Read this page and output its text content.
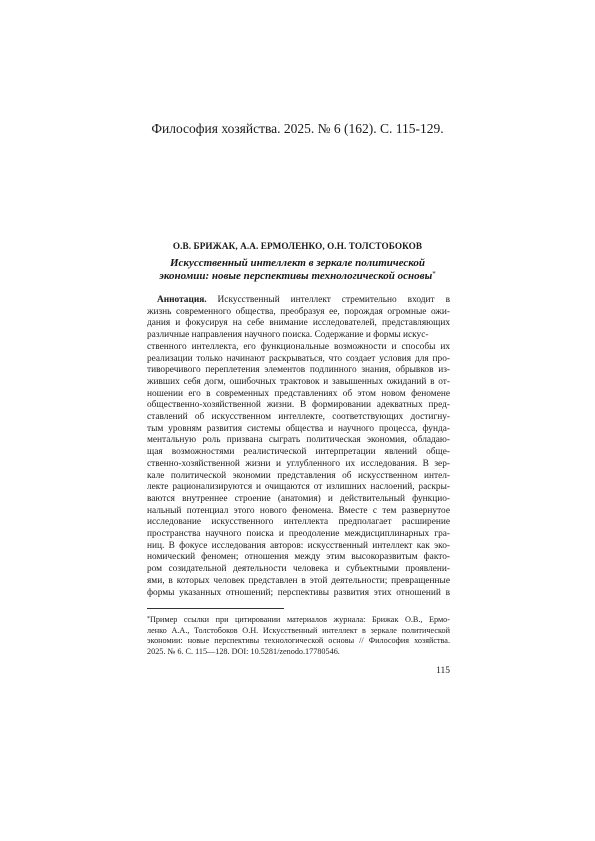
Философия хозяйства. 2025. № 6 (162). С. 115-129.
О.В. БРИЖАК, А.А. ЕРМОЛЕНКО, О.Н. ТОЛСТОБОКОВ
Искусственный интеллект в зеркале политической
экономии: новые перспективы технологической основы*
Аннотация. Искусственный интеллект стремительно входит в
жизнь современного общества, преобразуя ее, порождая огромные ожи-
дания и фокусируя на себе внимание исследователей, представляющих
различные направления научного поиска. Содержание и формы искус-
ственного интеллекта, его функциональные возможности и способы их
реализации только начинают раскрываться, что создает условия для про-
тиворечивого переплетения элементов подлинного знания, обрывков из-
живших себя догм, ошибочных трактовок и завышенных ожиданий в от-
ношении его в современных представлениях об этом новом феномене
общественно-хозяйственной жизни. В формировании адекватных пред-
ставлений об искусственном интеллекте, соответствующих достигну-
тым уровням развития системы общества и научного процесса, фунда-
ментальную роль призвана сыграть политическая экономия, обладаю-
щая возможностями реалистической интерпретации явлений обще-
ственно-хозяйственной жизни и углубленного их исследования. В зер-
кале политической экономии представления об искусственном интел-
лекте рационализируются и очищаются от излишних наслоений, раскры-
ваются внутреннее строение (анатомия) и действительный функцио-
нальный потенциал этого нового феномена. Вместе с тем развернутое
исследование искусственного интеллекта предполагает расширение
пространства научного поиска и преодоление междисциплинарных гра-
ниц. В фокусе исследования авторов: искусственный интеллект как эко-
номический феномен; отношения между этим высокоразвитым факто-
ром созидательной деятельности человека и субъектными проявлени-
ями, в которых человек представлен в этой деятельности; превращенные
формы указанных отношений; перспективы развития этих отношений в
*Пример ссылки при цитировании материалов журнала: Брижак О.В., Ермо-
ленко А.А., Толстобоков О.Н. Искусственный интеллект в зеркале политической
экономии: новые перспективы технологической основы // Философия хозяйства.
2025. № 6. С. 115—128. DOI: 10.5281/zenodo.17780546.
115
